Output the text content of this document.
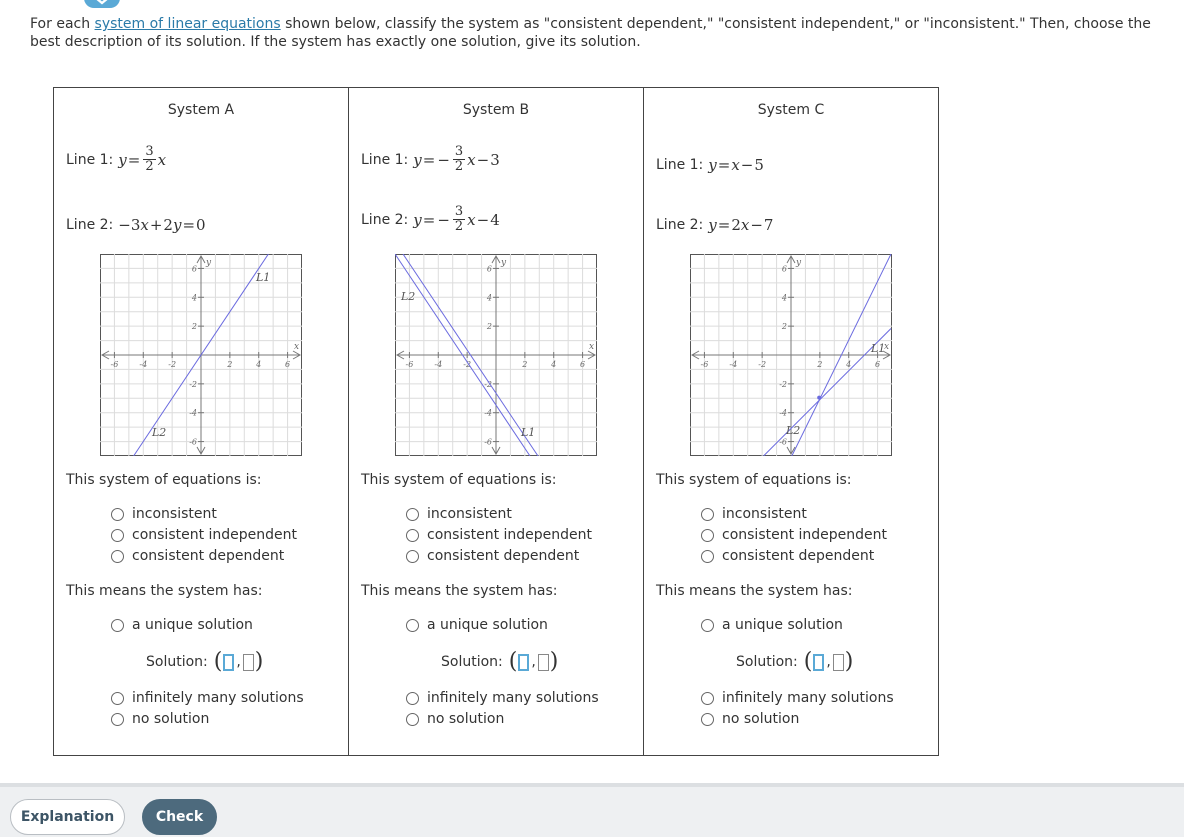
For each system of linear equations shown below, classify the system as "consistent dependent," "consistent independent," or "inconsistent." Then, choose the best description of its solution. If the system has exactly one solution, give its solution.
System A
Line 1: $y = \frac{3}{2}$ x
Line 2: −3 x + 2 y = 0
-6	-4	-2	2	4	6
6
4
2
-2
-4
-6
x
y
L1
L2
This system of equations is:
inconsistent
consistent independent
consistent dependent
This means the system has:
a unique solution
Solution: ( , )
infinitely many solutions
no solution
System B
Line 1: y = − $\frac{3}{2}$ x − 3
Line 2: y = − $\frac{3}{2}$ x − 4
-6	-4	-2	2	4	6
6
4
2
-2
-4
-6
x
y
L1
L2
This system of equations is:
inconsistent
consistent independent
consistent dependent
This means the system has:
a unique solution
Solution: ( , )
infinitely many solutions
no solution
System C
Line 1: y = x − 5
Line 2: y = 2 x − 7
-6	-4	-2	2	4	6
6
4
2
-2
-4
-6
x
y
L1
L2
This system of equations is:
inconsistent
consistent independent
consistent dependent
This means the system has:
a unique solution
Solution: ( , )
infinitely many solutions
no solution
Explanation	Check
